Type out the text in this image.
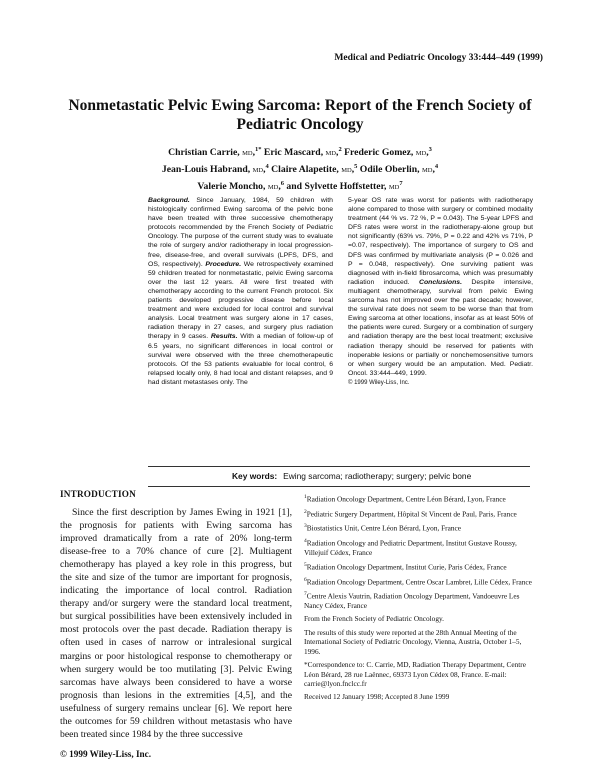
Medical and Pediatric Oncology 33:444–449 (1999)
Nonmetastatic Pelvic Ewing Sarcoma: Report of the French Society of Pediatric Oncology
Christian Carrie, MD,$^{1*}$ Eric Mascard, MD,$^2$ Frederic Gomez, MD,$^3$
Jean-Louis Habrand, MD,$^4$ Claire Alapetite, MD,$^5$ Odile Oberlin, MD,$^4$
Valerie Moncho, MD,$^6$ and Sylvette Hoffstetter, $MD^7$
Background. Since January, 1984, 59 children with histologically confirmed Ewing sarcoma of the pelvic bone have been treated with three successive chemotherapy protocols recommended by the French Society of Pediatric Oncology. The purpose of the current study was to evaluate the role of surgery and/or radiotherapy in local progression-free, disease-free, and overall survivals (LPFS, DFS, and OS, respectively). Procedure. We retrospectively examined 59 children treated for nonmetastatic, pelvic Ewing sarcoma over the last 12 years. All were first treated with chemotherapy according to the current French protocol. Six patients developed progressive disease before local treatment and were excluded for local control and survival analysis. Local treatment was surgery alone in 17 cases, radiation therapy in 27 cases, and surgery plus radiation therapy in 9 cases. Results. With a median of follow-up of 6.5 years, no significant differences in local control or survival were observed with the three chemotherapeutic protocols. Of the 53 patients evaluable for local control, 6 relapsed locally only, 8 had local and distant relapses, and 9 had distant metastases only. The
5-year OS rate was worst for patients with radiotherapy alone compared to those with surgery or combined modality treatment (44 % vs. 72 %, P = 0.043). The 5-year LPFS and DFS rates were worst in the radiotherapy-alone group but not significantly (63% vs. 79%, P = 0.22 and 42% vs 71%, P =0.07, respectively). The importance of surgery to OS and DFS was confirmed by multivariate analysis (P = 0.026 and P = 0.048, respectively). One surviving patient was diagnosed with in-field fibrosarcoma, which was presumably radiation induced. Conclusions. Despite intensive, multiagent chemotherapy, survival from pelvic Ewing sarcoma has not improved over the past decade; however, the survival rate does not seem to be worse than that from Ewing sarcoma at other locations, insofar as at least 50% of the patients were cured. Surgery or a combination of surgery and radiation therapy are the best local treatment; exclusive radiation therapy should be reserved for patients with inoperable lesions or partially or nonchemosensitive tumors or when surgery would be an amputation. Med. Pediatr. Oncol. 33:444–449, 1999.
© 1999 Wiley-Liss, Inc.
Key words: Ewing sarcoma; radiotherapy; surgery; pelvic bone
INTRODUCTION

Since the first description by James Ewing in 1921 [1], the prognosis for patients with Ewing sarcoma has improved dramatically from a rate of 20% long-term disease-free to a 70% chance of cure [2]. Multiagent chemotherapy has played a key role in this progress, but the site and size of the tumor are important for prognosis, indicating the importance of local control. Radiation therapy and/or surgery were the standard local treatment, but surgical possibilities have been extensively included in most protocols over the past decade. Radiation therapy is often used in cases of narrow or intralesional surgical margins or poor histological response to chemotherapy or when surgery would be too mutilating [3]. Pelvic Ewing sarcomas have always been considered to have a worse prognosis than lesions in the extremities [4,5], and the usefulness of surgery remains unclear [6]. We report here the outcomes for 59 children without metastasis who have been treated since 1984 by the three successive

© 1999 Wiley-Liss, Inc.
$^1$Radiation Oncology Department, Centre Léon Bérard, Lyon, France
$^2$Pediatric Surgery Department, Hôpital St Vincent de Paul, Paris, France
$^3$Biostatistics Unit, Centre Léon Bérard, Lyon, France
$^4$Radiation Oncology and Pediatric Department, Institut Gustave Roussy, Villejuif Cédex, France
$^5$Radiation Oncology Department, Institut Curie, Paris Cédex, France
$^6$Radiation Oncology Department, Centre Oscar Lambret, Lille Cédex, France
$^7$Centre Alexis Vautrin, Radiation Oncology Department, Vandoeuvre Les Nancy Cédex, France
From the French Society of Pediatric Oncology.
The results of this study were reported at the 28th Annual Meeting of the International Society of Pediatric Oncology, Vienna, Austria, October 1–5, 1996.
*Correspondence to: C. Carrie, MD, Radiation Therapy Department, Centre Léon Bérard, 28 rue Laënnec, 69373 Lyon Cédex 08, France. E-mail: carrie@lyon.fnclcc.fr
Received 12 January 1998; Accepted 8 June 1999
